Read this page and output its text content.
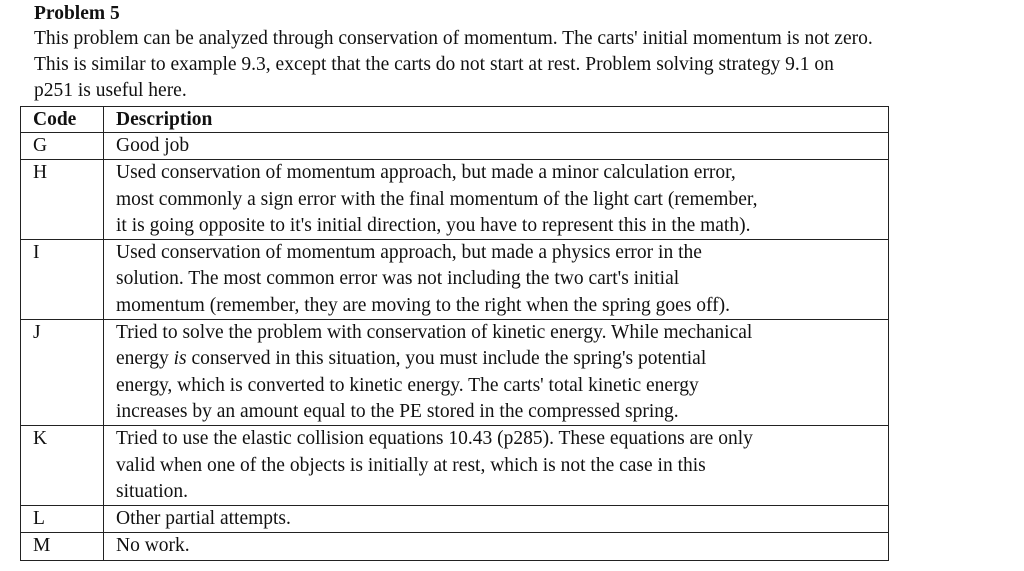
Problem 5

This problem can be analyzed through conservation of momentum. The carts' initial momentum is not zero.

This is similar to example 9.3, except that the carts do not start at rest. Problem solving strategy 9.1 on

p251 is useful here.

Code	Description
G	Good job

H	Used conservation of momentum approach, but made a minor calculation error,
most commonly a sign error with the final momentum of the light cart (remember,
it is going opposite to it's initial direction, you have to represent this in the math).

I	Used conservation of momentum approach, but made a physics error in the
solution. The most common error was not including the two cart's initial
momentum (remember, they are moving to the right when the spring goes off).

J	Tried to solve the problem with conservation of kinetic energy. While mechanical
energy is conserved in this situation, you must include the spring's potential
energy, which is converted to kinetic energy. The carts' total kinetic energy
increases by an amount equal to the PE stored in the compressed spring.

K	Tried to use the elastic collision equations 10.43 (p285). These equations are only
valid when one of the objects is initially at rest, which is not the case in this
situation.

L	Other partial attempts.

M	No work.
